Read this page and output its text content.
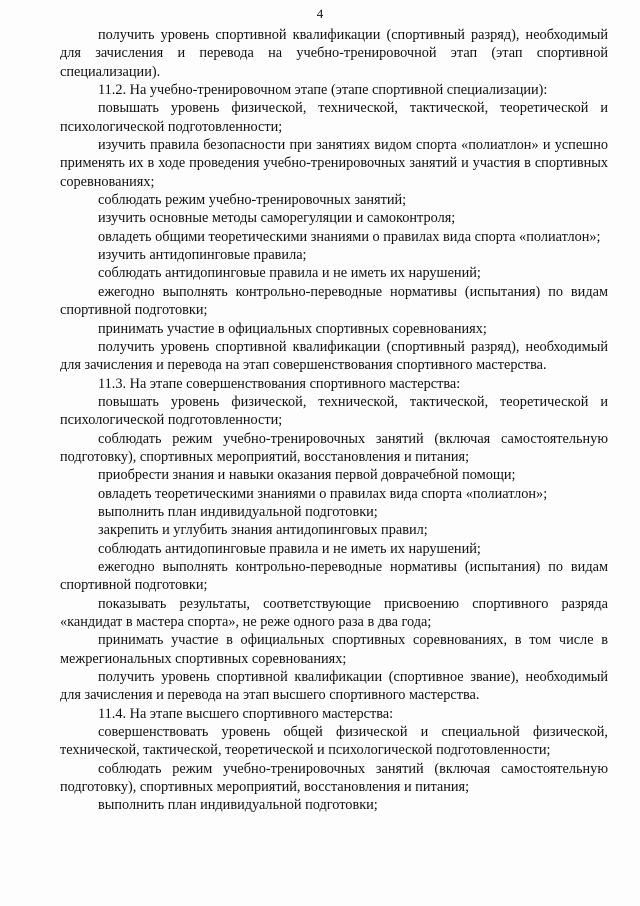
4

получить уровень спортивной квалификации (спортивный разряд), необходимый для зачисления и перевода на учебно-тренировочной этап (этап спортивной специализации).

11.2. На учебно-тренировочном этапе (этапе спортивной специализации):

повышать уровень физической, технической, тактической, теоретической и психологической подготовленности;

изучить правила безопасности при занятиях видом спорта «полиатлон» и успешно применять их в ходе проведения учебно-тренировочных занятий и участия в спортивных соревнованиях;

соблюдать режим учебно-тренировочных занятий;

изучить основные методы саморегуляции и самоконтроля;

овладеть общими теоретическими знаниями о правилах вида спорта «полиатлон»;

изучить антидопинговые правила;

соблюдать антидопинговые правила и не иметь их нарушений;

ежегодно выполнять контрольно-переводные нормативы (испытания) по видам спортивной подготовки;

принимать участие в официальных спортивных соревнованиях;

получить уровень спортивной квалификации (спортивный разряд), необходимый для зачисления и перевода на этап совершенствования спортивного мастерства.

11.3. На этапе совершенствования спортивного мастерства:

повышать уровень физической, технической, тактической, теоретической и психологической подготовленности;

соблюдать режим учебно-тренировочных занятий (включая самостоятельную подготовку), спортивных мероприятий, восстановления и питания;

приобрести знания и навыки оказания первой доврачебной помощи;

овладеть теоретическими знаниями о правилах вида спорта «полиатлон»;

выполнить план индивидуальной подготовки;

закрепить и углубить знания антидопинговых правил;

соблюдать антидопинговые правила и не иметь их нарушений;

ежегодно выполнять контрольно-переводные нормативы (испытания) по видам спортивной подготовки;

показывать результаты, соответствующие присвоению спортивного разряда «кандидат в мастера спорта», не реже одного раза в два года;

принимать участие в официальных спортивных соревнованиях, в том числе в межрегиональных спортивных соревнованиях;

получить уровень спортивной квалификации (спортивное звание), необходимый для зачисления и перевода на этап высшего спортивного мастерства.

11.4. На этапе высшего спортивного мастерства:

совершенствовать уровень общей физической и специальной физической, технической, тактической, теоретической и психологической подготовленности;

соблюдать режим учебно-тренировочных занятий (включая самостоятельную подготовку), спортивных мероприятий, восстановления и питания;

выполнить план индивидуальной подготовки;
